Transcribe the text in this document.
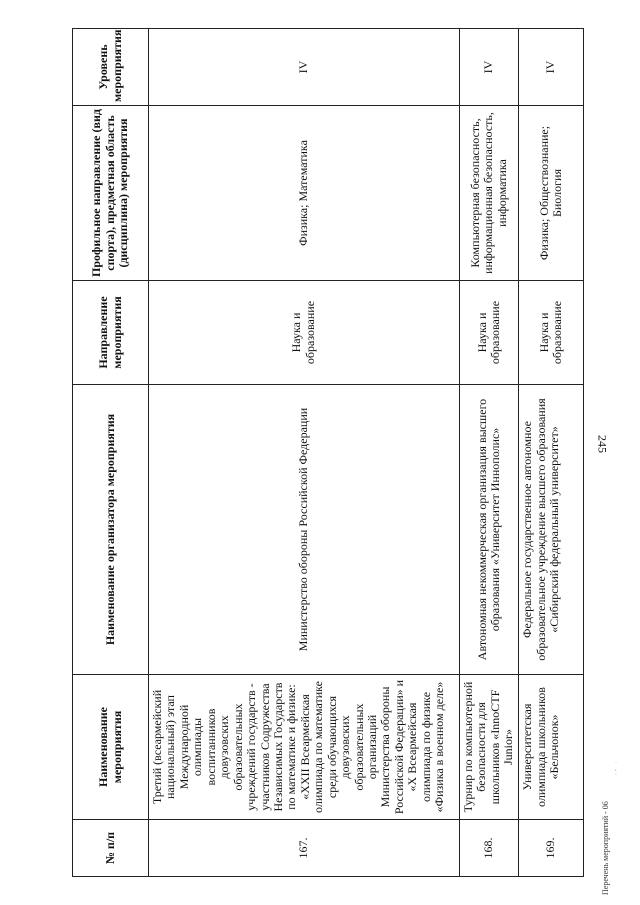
245
№ п/п	Наименование мероприятия	Наименование организатора мероприятия	Направление мероприятия	Профильное направление (вид спорта), предметная область (дисциплина) мероприятия	Уровень мероприятия
167.	Третий (всеармейский национальный) этап Международной олимпиады воспитанников довузовских образовательных учреждений государств - участников Содружества Независимых Государств по математике и физике: «XXII Всеармейская олимпиада по математике среди обучающихся довузовских образовательных организаций Министерства обороны Российской Федерации» и «X Всеармейская олимпиада по физике «Физика в военном деле»	Министерство обороны Российской Федерации	Наука и образование	Физика; Математика	IV
168.	Турнир по компьютерной безопасности для школьников «InnoCTF Junior»	Автономная некоммерческая организация высшего образования «Университет Иннополис»	Наука и образование	Компьютерная безопасность, информационная безопасность, информатика	IV
169.	Университетская олимпиада школьников «Бельчонок»	Федеральное государственное автономное образовательное учреждение высшего образования «Сибирский федеральный университет»	Наука и образование	Физика; Обществознание; Биология	IV
Перечень мероприятий - 06
·
,
·
